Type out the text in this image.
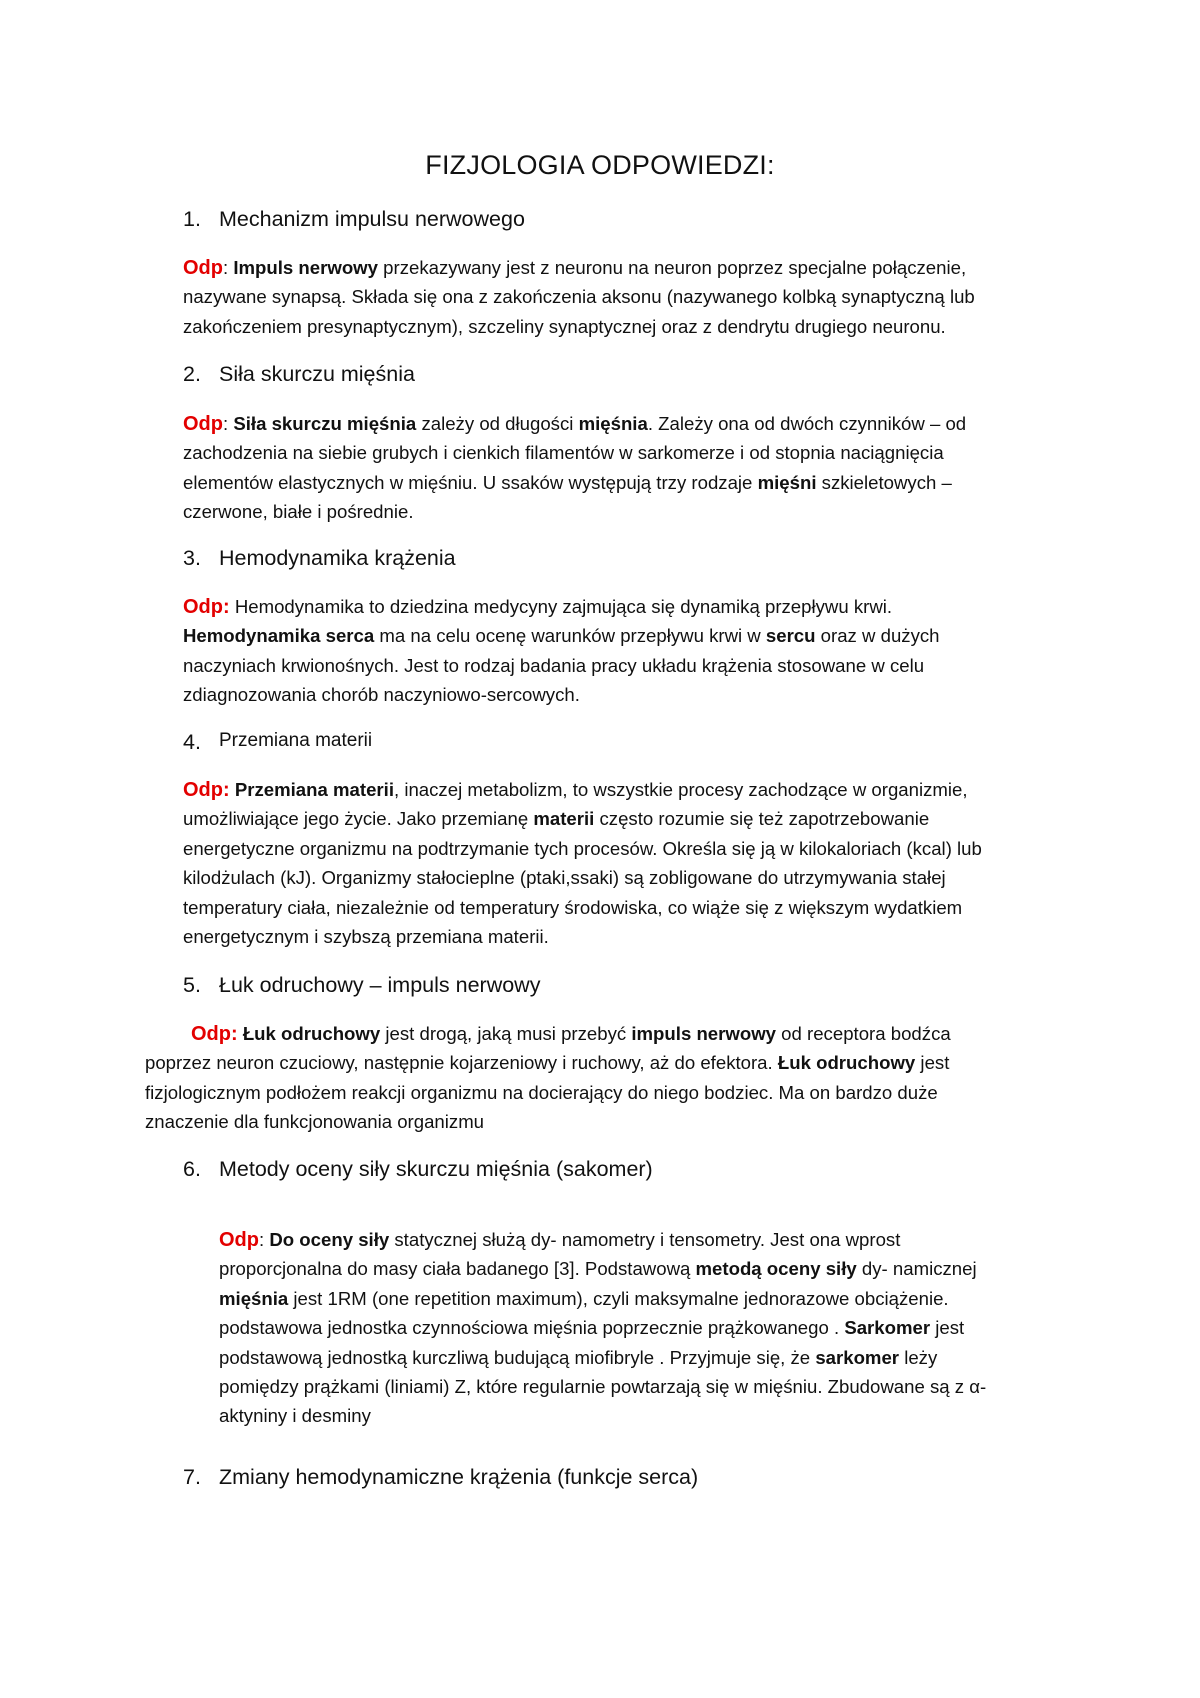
FIZJOLOGIA ODPOWIEDZI:
1. Mechanizm impulsu nerwowego
Odp: Impuls nerwowy przekazywany jest z neuronu na neuron poprzez specjalne połączenie,
nazywane synapsą. Składa się ona z zakończenia aksonu (nazywanego kolbką synaptyczną lub
zakończeniem presynaptycznym), szczeliny synaptycznej oraz z dendrytu drugiego neuronu.
2. Siła skurczu mięśnia
Odp: Siła skurczu mięśnia zależy od długości mięśnia. Zależy ona od dwóch czynników – od
zachodzenia na siebie grubych i cienkich filamentów w sarkomerze i od stopnia naciągnięcia
elementów elastycznych w mięśniu. U ssaków występują trzy rodzaje mięśni szkieletowych –
czerwone, białe i pośrednie.
3. Hemodynamika krążenia
Odp: Hemodynamika to dziedzina medycyny zajmująca się dynamiką przepływu krwi.
Hemodynamika serca ma na celu ocenę warunków przepływu krwi w sercu oraz w dużych
naczyniach krwionośnych. Jest to rodzaj badania pracy układu krążenia stosowane w celu
zdiagnozowania chorób naczyniowo-sercowych.
4. Przemiana materii
Odp: Przemiana materii, inaczej metabolizm, to wszystkie procesy zachodzące w organizmie,
umożliwiające jego życie. Jako przemianę materii często rozumie się też zapotrzebowanie
energetyczne organizmu na podtrzymanie tych procesów. Określa się ją w kilokaloriach (kcal) lub
kilodżulach (kJ). Organizmy stałocieplne (ptaki,ssaki) są zobligowane do utrzymywania stałej
temperatury ciała, niezależnie od temperatury środowiska, co wiąże się z większym wydatkiem
energetycznym i szybszą przemiana materii.
5. Łuk odruchowy – impuls nerwowy
Odp: Łuk odruchowy jest drogą, jaką musi przebyć impuls nerwowy od receptora bodźca
poprzez neuron czuciowy, następnie kojarzeniowy i ruchowy, aż do efektora. Łuk odruchowy jest
fizjologicznym podłożem reakcji organizmu na docierający do niego bodziec. Ma on bardzo duże
znaczenie dla funkcjonowania organizmu
6. Metody oceny siły skurczu mięśnia (sakomer)
Odp: Do oceny siły statycznej służą dy- namometry i tensometry. Jest ona wprost
proporcjonalna do masy ciała badanego [3]. Podstawową metodą oceny siły dy- namicznej
mięśnia jest 1RM (one repetition maximum), czyli maksymalne jednorazowe obciążenie.
podstawowa jednostka czynnościowa mięśnia poprzecznie prążkowanego . Sarkomer jest
podstawową jednostką kurczliwą budującą miofibryle . Przyjmuje się, że sarkomer leży
pomiędzy prążkami (liniami) Z, które regularnie powtarzają się w mięśniu. Zbudowane są z α-
aktyniny i desminy
7. Zmiany hemodynamiczne krążenia (funkcje serca)
